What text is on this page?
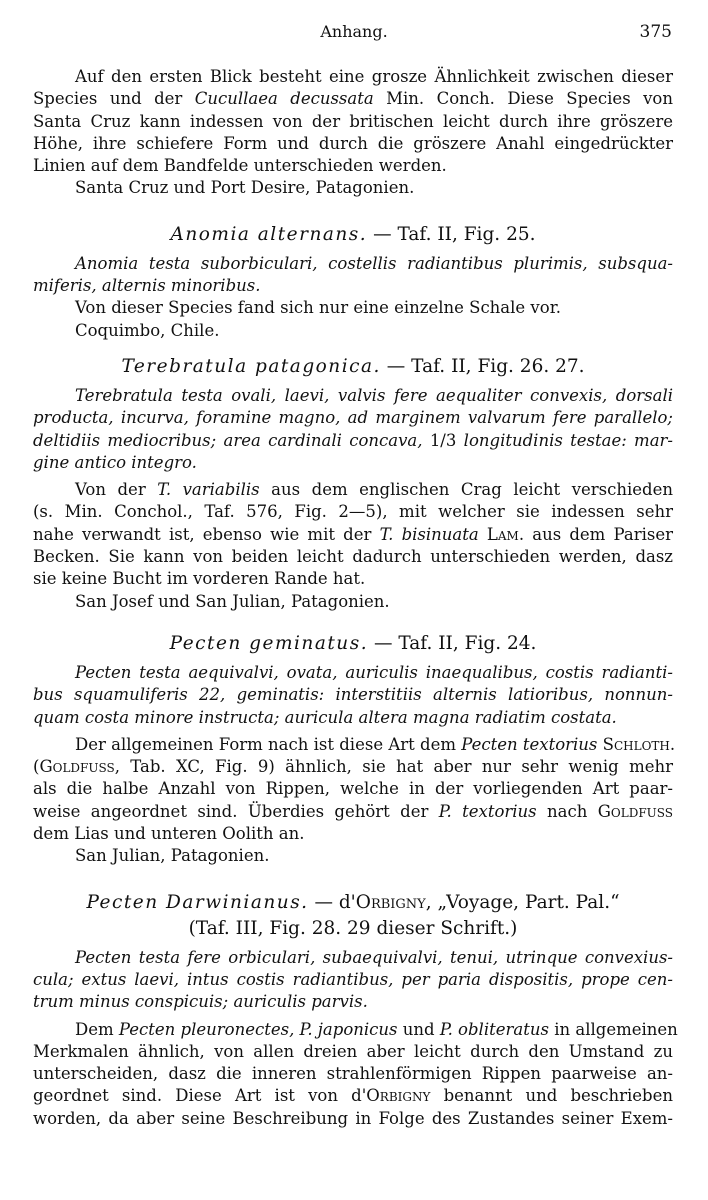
Anhang.	375
Auf den ersten Blick besteht eine grosze Ähnlichkeit zwischen dieser
Species und der Cucullaea decussata Min. Conch. Diese Species von
Santa Cruz kann indessen von der britischen leicht durch ihre gröszere
Höhe, ihre schiefere Form und durch die gröszere Anahl eingedrückter
Linien auf dem Bandfelde unterschieden werden.
Santa Cruz und Port Desire, Patagonien.
Anomia alternans. — Taf. II, Fig. 25.
Anomia testa suborbiculari, costellis radiantibus plurimis, subsqua-
miferis, alternis minoribus.
Von dieser Species fand sich nur eine einzelne Schale vor.
Coquimbo, Chile.
Terebratula patagonica. — Taf. II, Fig. 26. 27.
Terebratula testa ovali, laevi, valvis fere aequaliter convexis, dorsali
producta, incurva, foramine magno, ad marginem valvarum fere parallelo;
deltidiis mediocribus; area cardinali concava, 1/3 longitudinis testae: mar-
gine antico integro.
Von der T. variabilis aus dem englischen Crag leicht verschieden
(s. Min. Conchol., Taf. 576, Fig. 2—5), mit welcher sie indessen sehr
nahe verwandt ist, ebenso wie mit der T. bisinuata Lam. aus dem Pariser
Becken. Sie kann von beiden leicht dadurch unterschieden werden, dasz
sie keine Bucht im vorderen Rande hat.
San Josef und San Julian, Patagonien.
Pecten geminatus. — Taf. II, Fig. 24.
Pecten testa aequivalvi, ovata, auriculis inaequalibus, costis radianti-
bus squamuliferis 22, geminatis: interstitiis alternis latioribus, nonnun-
quam costa minore instructa; auricula altera magna radiatim costata.
Der allgemeinen Form nach ist diese Art dem Pecten textorius Schloth.
(Goldfuss, Tab. XC, Fig. 9) ähnlich, sie hat aber nur sehr wenig mehr
als die halbe Anzahl von Rippen, welche in der vorliegenden Art paar-
weise angeordnet sind. Überdies gehört der P. textorius nach Goldfuss
dem Lias und unteren Oolith an.
San Julian, Patagonien.
Pecten Darwinianus. — d'Orbigny, „Voyage, Part. Pal.“
(Taf. III, Fig. 28. 29 dieser Schrift.)
Pecten testa fere orbiculari, subaequivalvi, tenui, utrinque convexius-
cula; extus laevi, intus costis radiantibus, per paria dispositis, prope cen-
trum minus conspicuis; auriculis parvis.
Dem Pecten pleuronectes, P. japonicus und P. obliteratus in allgemeinen
Merkmalen ähnlich, von allen dreien aber leicht durch den Umstand zu
unterscheiden, dasz die inneren strahlenförmigen Rippen paarweise an-
geordnet sind. Diese Art ist von d'Orbigny benannt und beschrieben
worden, da aber seine Beschreibung in Folge des Zustandes seiner Exem-
